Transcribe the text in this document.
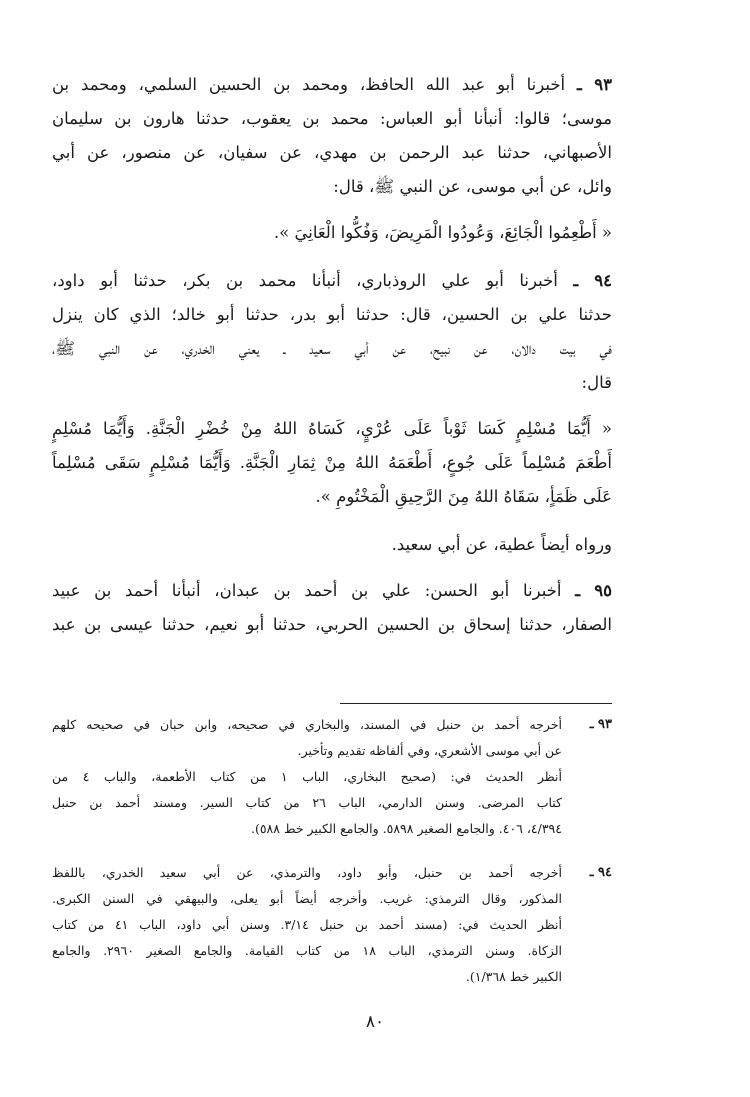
٩٣ ـ أخبرنا أبو عبد الله الحافظ، ومحمد بن الحسين السلمي، ومحمد بن
موسى؛ قالوا: أنبأنا أبو العباس: محمد بن يعقوب، حدثنا هارون بن سليمان
الأصبهاني، حدثنا عبد الرحمن بن مهدي، عن سفيان، عن منصور، عن أبي
وائل، عن أبي موسى، عن النبي ﷺ، قال:
« أَطْعِمُوا الْجَائِعَ، وَعُودُوا الْمَرِيضَ، وَفُكُّوا الْعَانِيَ ».
٩٤ ـ أخبرنا أبو علي الروذباري، أنبأنا محمد بن بكر، حدثنا أبو داود،
حدثنا علي بن الحسين، قال: حدثنا أبو بدر، حدثنا أبو خالد؛ الذي كان ينزل
في بيت دالان، عن نبيح، عن أبي سعيد ـ يعني الخدري، عن النبي ﷺ،
قال:
« أَيُّمَا مُسْلِمٍ كَسَا ثَوْباً عَلَى عُرْيٍ، كَسَاهُ اللهُ مِنْ خُضْرِ الْجَنَّةِ. وَأَيُّمَا مُسْلِمٍ
أَطْعَمَ مُسْلِماً عَلَى جُوعٍ، أَطْعَمَهُ اللهُ مِنْ ثِمَارِ الْجَنَّةِ. وَأَيُّمَا مُسْلِمٍ سَقَى مُسْلِماً
عَلَى ظَمَأٍ، سَقَاهُ اللهُ مِنَ الرَّحِيقِ الْمَخْتُومِ ».
ورواه أيضاً عطية، عن أبي سعيد.
٩٥ ـ أخبرنا أبو الحسن: علي بن أحمد بن عبدان، أنبأنا أحمد بن عبيد
الصفار، حدثنا إسحاق بن الحسين الحربي، حدثنا أبو نعيم، حدثنا عيسى بن عبد
٩٣ ـ
أخرجه أحمد بن حنبل في المسند، والبخاري في صحيحه، وابن حبان في صحيحه كلهم
عن أبي موسى الأشعري، وفي ألفاظه تقديم وتأخير.
أنظر الحديث في: (صحيح البخاري، الباب ١ من كتاب الأطعمة، والباب ٤ من
كتاب المرضى. وسنن الدارمي، الباب ٢٦ من كتاب السير. ومسند أحمد بن حنبل
٤/٣٩٤، ٤٠٦. والجامع الصغير ٥٨٩٨. والجامع الكبير خط ٥٨٨).
٩٤ ـ
أخرجه أحمد بن حنبل، وأبو داود، والترمذي، عن أبي سعيد الخدري، باللفظ
المذكور، وقال الترمذي: غريب. وأخرجه أيضاً أبو يعلى، والبيهقي في السنن الكبرى.
أنظر الحديث في: (مسند أحمد بن حنبل ٣/١٤. وسنن أبي داود، الباب ٤١ من كتاب
الزكاة. وسنن الترمذي، الباب ١٨ من كتاب القيامة. والجامع الصغير ٢٩٦٠. والجامع
الكبير خط ١/٣٦٨).
٨٠
